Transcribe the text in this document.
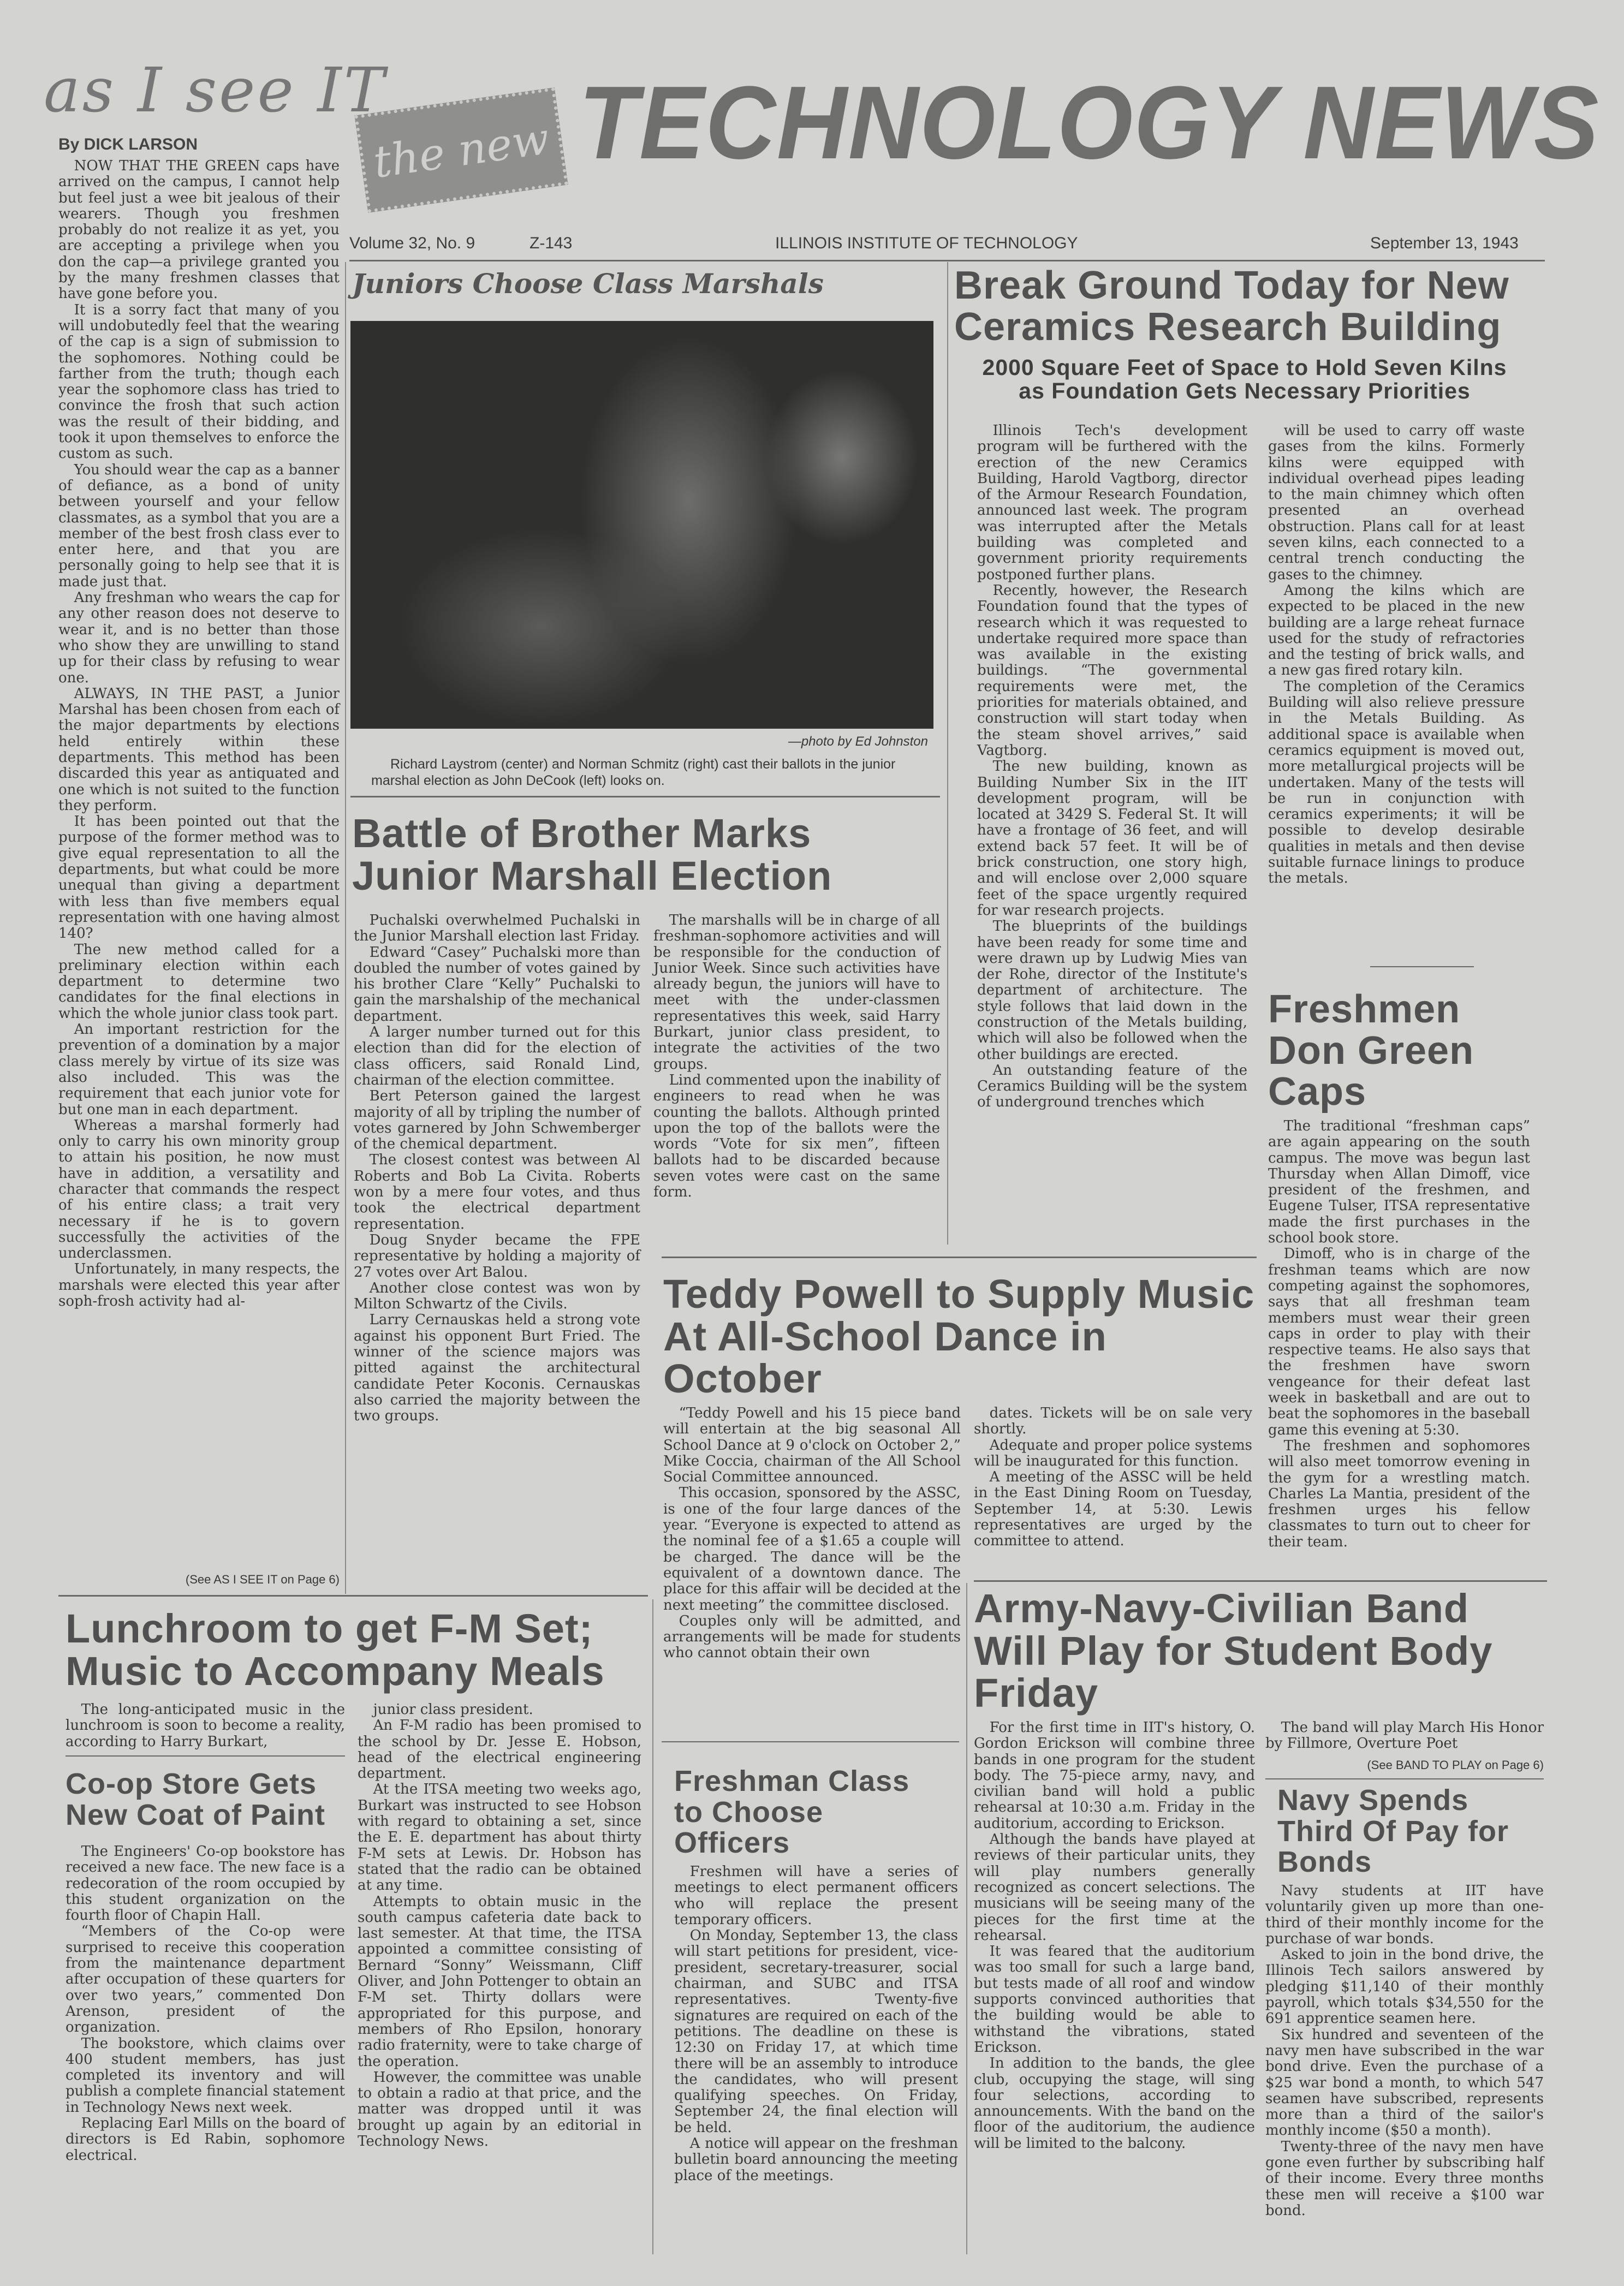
as I see IT
By DICK LARSON	the new TECHNOLOGY NEWS
Volume 32, No. 9	Z-143	ILLINOIS INSTITUTE OF TECHNOLOGY	September 13, 1943

NOW THAT THE GREEN caps have arrived on the campus, I cannot help but feel just a wee bit jealous of their wearers. Though you freshmen probably do not realize it as yet, you are accepting a privilege when you don the cap—a privilege granted you by the many freshmen classes that have gone before you.

It is a sorry fact that many of you will undobutedly feel that the wearing of the cap is a sign of submission to the sophomores. Nothing could be farther from the truth; though each year the sophomore class has tried to convince the frosh that such action was the result of their bidding, and took it upon themselves to enforce the custom as such.

You should wear the cap as a banner of defiance, as a bond of unity between yourself and your fellow classmates, as a symbol that you are a member of the best frosh class ever to enter here, and that you are personally going to help see that it is made just that.

Any freshman who wears the cap for any other reason does not deserve to wear it, and is no better than those who show they are unwilling to stand up for their class by refusing to wear one.

ALWAYS, IN THE PAST, a Junior Marshal has been chosen from each of the major departments by elections held entirely within these departments. This method has been discarded this year as antiquated and one which is not suited to the function they perform.

It has been pointed out that the purpose of the former method was to give equal representation to all the departments, but what could be more unequal than giving a department with less than five members equal representation with one having almost 140?

The new method called for a preliminary election within each department to determine two candidates for the final elections in which the whole junior class took part.

An important restriction for the prevention of a domination by a major class merely by virtue of its size was also included. This was the requirement that each junior vote for but one man in each department.

Whereas a marshal formerly had only to carry his own minority group to attain his position, he now must have in addition, a versatility and character that commands the respect of his entire class; a trait very necessary if he is to govern successfully the activities of the underclassmen.

Unfortunately, in many respects, the marshals were elected this year after soph-frosh activity had al-

(See AS I SEE IT on Page 6)
Juniors Choose Class Marshals
—photo by Ed Johnston
Richard Laystrom (center) and Norman Schmitz (right) cast their ballots in the junior marshal election as John DeCook (left) looks on.
Battle of Brother Marks Junior Marshall Election

Puchalski overwhelmed Puchalski in the Junior Marshall election last Friday.

Edward “Casey” Puchalski more than doubled the number of votes gained by his brother Clare “Kelly” Puchalski to gain the marshalship of the mechanical department.

A larger number turned out for this election than did for the election of class officers, said Ronald Lind, chairman of the election committee.

Bert Peterson gained the largest majority of all by tripling the number of votes garnered by John Schwemberger of the chemical department.

The closest contest was between Al Roberts and Bob La Civita. Roberts won by a mere four votes, and thus took the electrical department representation.

Doug Snyder became the FPE representative by holding a majority of 27 votes over Art Balou.

Another close contest was won by Milton Schwartz of the Civils.

Larry Cernauskas held a strong vote against his opponent Burt Fried. The winner of the science majors was pitted against the architectural candidate Peter Koconis. Cernauskas also carried the majority between the two groups.

The marshalls will be in charge of all freshman-sophomore activities and will be responsible for the conduction of Junior Week. Since such activities have already begun, the juniors will have to meet with the under-classmen representatives this week, said Harry Burkart, junior class president, to integrate the activities of the two groups.

Lind commented upon the inability of engineers to read when he was counting the ballots. Although printed upon the top of the ballots were the words “Vote for six men”, fifteen ballots had to be discarded because seven votes were cast on the same form.

Break Ground Today for New Ceramics Research Building
2000 Square Feet of Space to Hold Seven Kilns as Foundation Gets Necessary Priorities

Illinois Tech's development program will be furthered with the erection of the new Ceramics Building, Harold Vagtborg, director of the Armour Research Foundation, announced last week. The program was interrupted after the Metals building was completed and government priority requirements postponed further plans.

Recently, however, the Research Foundation found that the types of research which it was requested to undertake required more space than was available in the existing buildings. “The governmental requirements were met, the priorities for materials obtained, and construction will start today when the steam shovel arrives,” said Vagtborg.

The new building, known as Building Number Six in the IIT development program, will be located at 3429 S. Federal St. It will have a frontage of 36 feet, and will extend back 57 feet. It will be of brick construction, one story high, and will enclose over 2,000 square feet of the space urgently required for war research projects.

The blueprints of the buildings have been ready for some time and were drawn up by Ludwig Mies van der Rohe, director of the Institute's department of architecture. The style follows that laid down in the construction of the Metals building, which will also be followed when the other buildings are erected.

An outstanding feature of the Ceramics Building will be the system of underground trenches which

will be used to carry off waste gases from the kilns. Formerly kilns were equipped with individual overhead pipes leading to the main chimney which often presented an overhead obstruction. Plans call for at least seven kilns, each connected to a central trench conducting the gases to the chimney.

Among the kilns which are expected to be placed in the new building are a large reheat furnace used for the study of refractories and the testing of brick walls, and a new gas fired rotary kiln.

The completion of the Ceramics Building will also relieve pressure in the Metals Building. As additional space is available when ceramics equipment is moved out, more metallurgical projects will be undertaken. Many of the tests will be run in conjunction with ceramics experiments; it will be possible to develop desirable qualities in metals and then devise suitable furnace linings to produce the metals.

Freshmen Don Green Caps

The traditional “freshman caps” are again appearing on the south campus. The move was begun last Thursday when Allan Dimoff, vice president of the freshmen, and Eugene Tulser, ITSA representative made the first purchases in the school book store.

Dimoff, who is in charge of the freshman teams which are now competing against the sophomores, says that all freshman team members must wear their green caps in order to play with their respective teams. He also says that the freshmen have sworn vengeance for their defeat last week in basketball and are out to beat the sophomores in the baseball game this evening at 5:30.

The freshmen and sophomores will also meet tomorrow evening in the gym for a wrestling match. Charles La Mantia, president of the freshmen urges his fellow classmates to turn out to cheer for their team.

Teddy Powell to Supply Music At All-School Dance in October

“Teddy Powell and his 15 piece band will entertain at the big seasonal All School Dance at 9 o'clock on October 2,” Mike Coccia, chairman of the All School Social Committee announced.

This occasion, sponsored by the ASSC, is one of the four large dances of the year. “Everyone is expected to attend as the nominal fee of a $1.65 a couple will be charged. The dance will be the equivalent of a downtown dance. The place for this affair will be decided at the next meeting” the committee disclosed.

Couples only will be admitted, and arrangements will be made for students who cannot obtain their own

dates. Tickets will be on sale very shortly.

Adequate and proper police systems will be inaugurated for this function.

A meeting of the ASSC will be held in the East Dining Room on Tuesday, September 14, at 5:30. Lewis representatives are urged by the committee to attend.

Lunchroom to get F-M Set; Music to Accompany Meals

The long-anticipated music in the lunchroom is soon to become a reality, according to Harry Burkart,

junior class president.

An F-M radio has been promised to the school by Dr. Jesse E. Hobson, head of the electrical engineering department.

At the ITSA meeting two weeks ago, Burkart was instructed to see Hobson with regard to obtaining a set, since the E. E. department has about thirty F-M sets at Lewis. Dr. Hobson has stated that the radio can be obtained at any time.

Attempts to obtain music in the south campus cafeteria date back to last semester. At that time, the ITSA appointed a committee consisting of Bernard “Sonny” Weissmann, Cliff Oliver, and John Pottenger to obtain an F-M set. Thirty dollars were appropriated for this purpose, and members of Rho Epsilon, honorary radio fraternity, were to take charge of the operation.

However, the committee was unable to obtain a radio at that price, and the matter was dropped until it was brought up again by an editorial in Technology News.

Co-op Store Gets New Coat of Paint

The Engineers' Co-op bookstore has received a new face. The new face is a redecoration of the room occupied by this student organization on the fourth floor of Chapin Hall.

“Members of the Co-op were surprised to receive this cooperation from the maintenance department after occupation of these quarters for over two years,” commented Don Arenson, president of the organization.

The bookstore, which claims over 400 student members, has just completed its inventory and will publish a complete financial statement in Technology News next week.

Replacing Earl Mills on the board of directors is Ed Rabin, sophomore electrical.

Freshman Class to Choose Officers

Freshmen will have a series of meetings to elect permanent officers who will replace the present temporary officers.

On Monday, September 13, the class will start petitions for president, vice-president, secretary-treasurer, social chairman, and SUBC and ITSA representatives. Twenty-five signatures are required on each of the petitions. The deadline on these is 12:30 on Friday 17, at which time there will be an assembly to introduce the candidates, who will present qualifying speeches. On Friday, September 24, the final election will be held.

A notice will appear on the freshman bulletin board announcing the meeting place of the meetings.

Army-Navy-Civilian Band Will Play for Student Body Friday

For the first time in IIT's history, O. Gordon Erickson will combine three bands in one program for the student body. The 75-piece army, navy, and civilian band will hold a public rehearsal at 10:30 a.m. Friday in the auditorium, according to Erickson.

Although the bands have played at reviews of their particular units, they will play numbers generally recognized as concert selections. The musicians will be seeing many of the pieces for the first time at the rehearsal.

It was feared that the auditorium was too small for such a large band, but tests made of all roof and window supports convinced authorities that the building would be able to withstand the vibrations, stated Erickson.

In addition to the bands, the glee club, occupying the stage, will sing four selections, according to announcements. With the band on the floor of the auditorium, the audience will be limited to the balcony.

The band will play March His Honor by Fillmore, Overture Poet

(See BAND TO PLAY on Page 6)
Navy Spends Third Of Pay for Bonds

Navy students at IIT have voluntarily given up more than one-third of their monthly income for the purchase of war bonds.

Asked to join in the bond drive, the Illinois Tech sailors answered by pledging $11,140 of their monthly payroll, which totals $34,550 for the 691 apprentice seamen here.

Six hundred and seventeen of the navy men have subscribed in the war bond drive. Even the purchase of a $25 war bond a month, to which 547 seamen have subscribed, represents more than a third of the sailor's monthly income ($50 a month).

Twenty-three of the navy men have gone even further by subscribing half of their income. Every three months these men will receive a $100 war bond.
